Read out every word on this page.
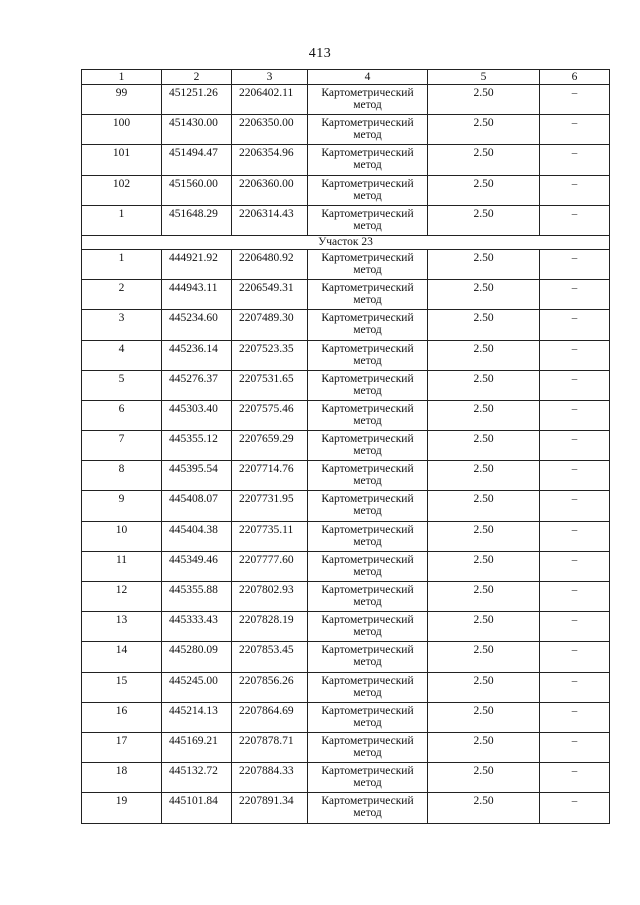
413
1	2	3	4	5	6

99	451251.26	2206402.11	Картометрический метод	2.50	–

100	451430.00	2206350.00	Картометрический метод	2.50	–

101	451494.47	2206354.96	Картометрический метод	2.50	–

102	451560.00	2206360.00	Картометрический метод	2.50	–

1	451648.29	2206314.43	Картометрический метод	2.50	–

Участок 23					

1	444921.92	2206480.92	Картометрический метод	2.50	–

2	444943.11	2206549.31	Картометрический метод	2.50	–

3	445234.60	2207489.30	Картометрический метод	2.50	–

4	445236.14	2207523.35	Картометрический метод	2.50	–

5	445276.37	2207531.65	Картометрический метод	2.50	–

6	445303.40	2207575.46	Картометрический метод	2.50	–

7	445355.12	2207659.29	Картометрический метод	2.50	–

8	445395.54	2207714.76	Картометрический метод	2.50	–

9	445408.07	2207731.95	Картометрический метод	2.50	–

10	445404.38	2207735.11	Картометрический метод	2.50	–

11	445349.46	2207777.60	Картометрический метод	2.50	–

12	445355.88	2207802.93	Картометрический метод	2.50	–

13	445333.43	2207828.19	Картометрический метод	2.50	–

14	445280.09	2207853.45	Картометрический метод	2.50	–

15	445245.00	2207856.26	Картометрический метод	2.50	–

16	445214.13	2207864.69	Картометрический метод	2.50	–

17	445169.21	2207878.71	Картометрический метод	2.50	–

18	445132.72	2207884.33	Картометрический метод	2.50	–

19	445101.84	2207891.34	Картометрический метод	2.50	–
